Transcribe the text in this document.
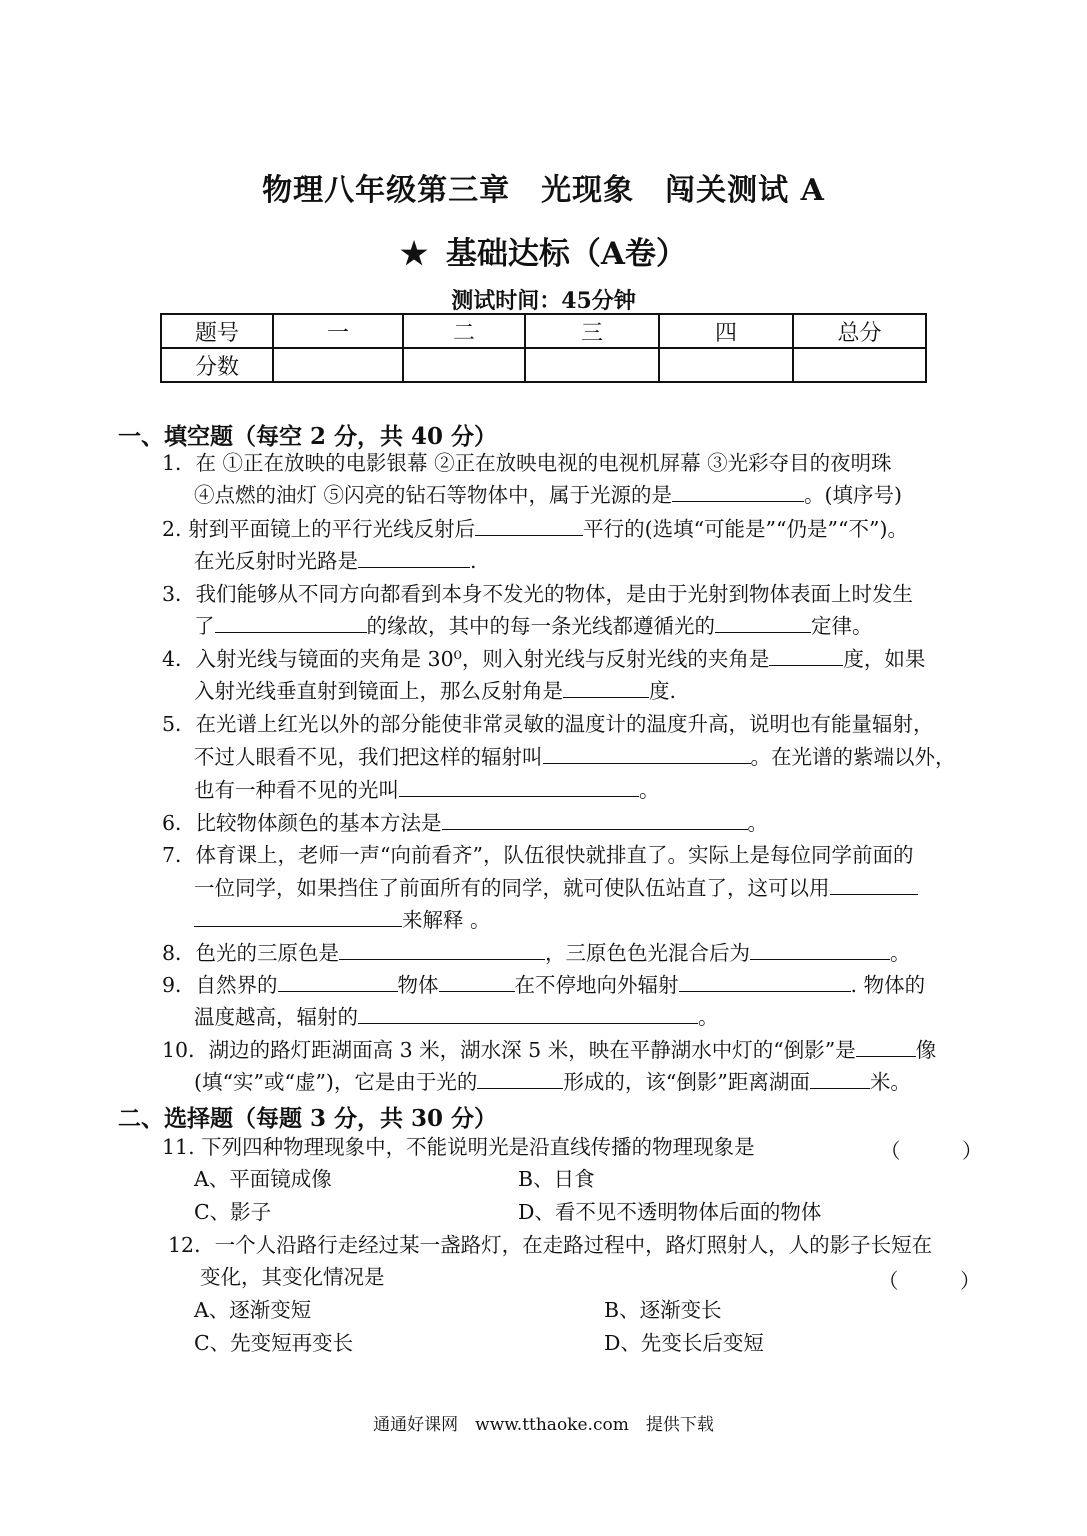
物理八年级第三章　光现象　闯关测试 A
★ 基础达标（A卷）
测试时间：45分钟
题号	一	二	三	四	总分
分数					
一、填空题（每空 2 分，共 40 分）
1．在 ①正在放映的电影银幕 ②正在放映电视的电视机屏幕 ③光彩夺目的夜明珠
④点燃的油灯 ⑤闪亮的钻石等物体中，属于光源的是	。(填序号)
2. 射到平面镜上的平行光线反射后	平行的(选填“可能是”“仍是”“不”)。
在光反射时光路是	.
3．我们能够从不同方向都看到本身不发光的物体，是由于光射到物体表面上时发生
了	的缘故，其中的每一条光线都遵循光的	定律。
4．入射光线与镜面的夹角是 30⁰，则入射光线与反射光线的夹角是	度，如果
入射光线垂直射到镜面上，那么反射角是	度.
5．在光谱上红光以外的部分能使非常灵敏的温度计的温度升高，说明也有能量辐射，
不过人眼看不见，我们把这样的辐射叫	。在光谱的紫端以外，
也有一种看不见的光叫	。
6．比较物体颜色的基本方法是	。
7．体育课上，老师一声“向前看齐”，队伍很快就排直了。实际上是每位同学前面的
一位同学，如果挡住了前面所有的同学，就可使队伍站直了，这可以用
来解释 。
8．色光的三原色是	，三原色色光混合后为	。
9．自然界的	物体	在不停地向外辐射	. 物体的
温度越高，辐射的	。
10．湖边的路灯距湖面高 3 米，湖水深 5 米，映在平静湖水中灯的“倒影”是	像
(填“实”或“虚”)，它是由于光的	形成的，该“倒影”距离湖面	米。
二、选择题（每题 3 分，共 30 分）
11. 下列四种物理现象中，不能说明光是沿直线传播的物理现象是	（　　　）
A、平面镜成像	B、日食
C、影子	D、看不见不透明物体后面的物体
12．一个人沿路行走经过某一盏路灯，在走路过程中，路灯照射人，人的影子长短在
变化，其变化情况是	（　　　）
A、逐渐变短	B、逐渐变长
C、先变短再变长	D、先变长后变短
通通好课网　www.tthaoke.com　提供下载
